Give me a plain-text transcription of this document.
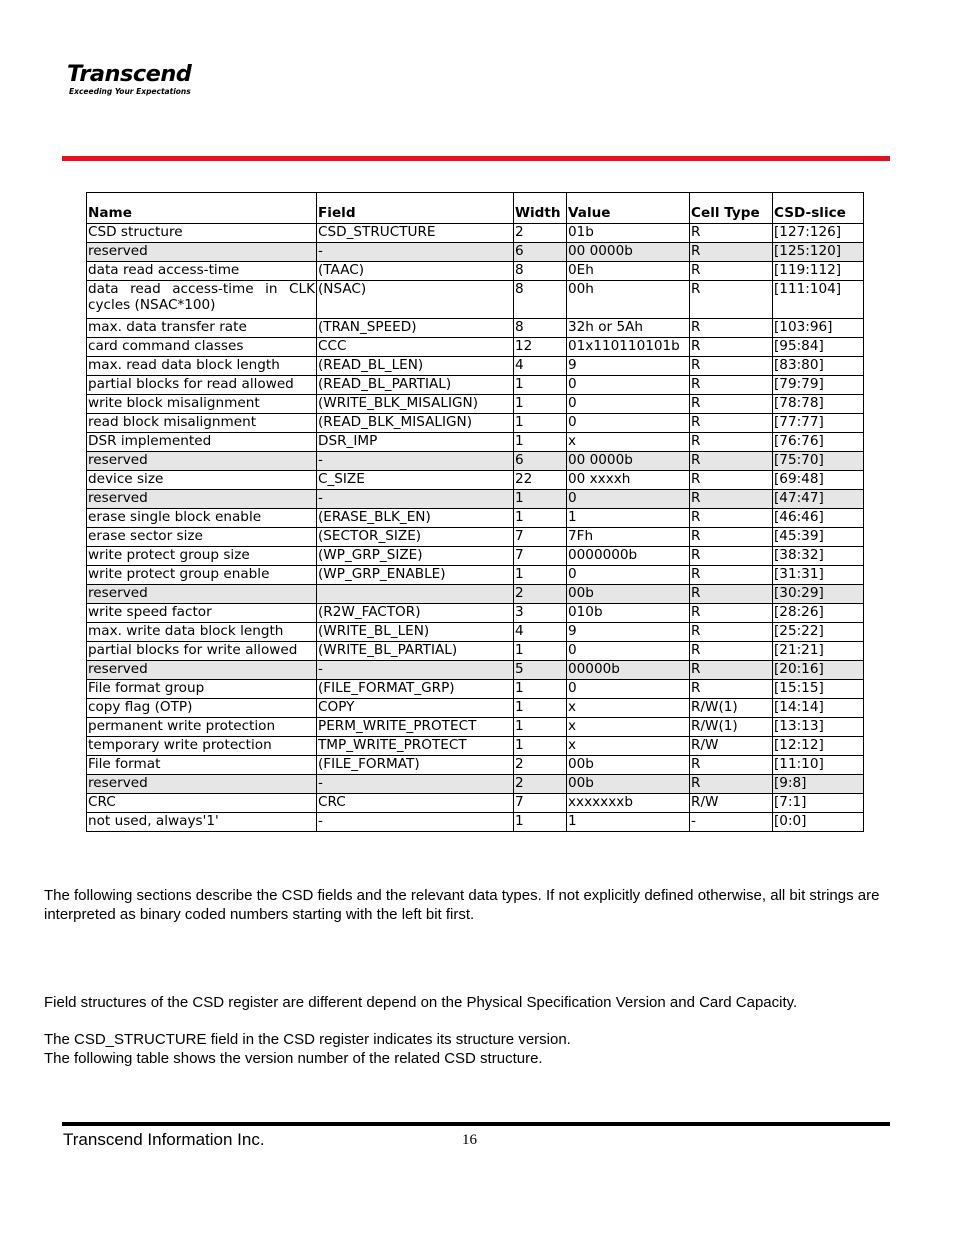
Transcend
Exceeding Your Expectations
Name	Field	Width	Value	Cell Type	CSD-slice
CSD structure	CSD_STRUCTURE	2	01b	R	[127:126]
reserved	-	6	00 0000b	R	[125:120]
data read access-time	(TAAC)	8	0Eh	R	[119:112]
data read access-time in CLK cycles (NSAC*100)	(NSAC)	8	00h	R	[111:104]
max. data transfer rate	(TRAN_SPEED)	8	32h or 5Ah	R	[103:96]
card command classes	CCC	12	01x110110101b	R	[95:84]
max. read data block length	(READ_BL_LEN)	4	9	R	[83:80]
partial blocks for read allowed	(READ_BL_PARTIAL)	1	0	R	[79:79]
write block misalignment	(WRITE_BLK_MISALIGN)	1	0	R	[78:78]
read block misalignment	(READ_BLK_MISALIGN)	1	0	R	[77:77]
DSR implemented	DSR_IMP	1	x	R	[76:76]
reserved	-	6	00 0000b	R	[75:70]
device size	C_SIZE	22	00 xxxxh	R	[69:48]
reserved	-	1	0	R	[47:47]
erase single block enable	(ERASE_BLK_EN)	1	1	R	[46:46]
erase sector size	(SECTOR_SIZE)	7	7Fh	R	[45:39]
write protect group size	(WP_GRP_SIZE)	7	0000000b	R	[38:32]
write protect group enable	(WP_GRP_ENABLE)	1	0	R	[31:31]
reserved		2	00b	R	[30:29]
write speed factor	(R2W_FACTOR)	3	010b	R	[28:26]
max. write data block length	(WRITE_BL_LEN)	4	9	R	[25:22]
partial blocks for write allowed	(WRITE_BL_PARTIAL)	1	0	R	[21:21]
reserved	-	5	00000b	R	[20:16]
File format group	(FILE_FORMAT_GRP)	1	0	R	[15:15]
copy flag (OTP)	COPY	1	x	R/W(1)	[14:14]
permanent write protection	PERM_WRITE_PROTECT	1	x	R/W(1)	[13:13]
temporary write protection	TMP_WRITE_PROTECT	1	x	R/W	[12:12]
File format	(FILE_FORMAT)	2	00b	R	[11:10]
reserved	-	2	00b	R	[9:8]
CRC	CRC	7	xxxxxxxb	R/W	[7:1]
not used, always'1'	-	1	1	-	[0:0]
The following sections describe the CSD fields and the relevant data types. If not explicitly defined otherwise, all bit strings are interpreted as binary coded numbers starting with the left bit first.
Field structures of the CSD register are different depend on the Physical Specification Version and Card Capacity.
The CSD_STRUCTURE field in the CSD register indicates its structure version.
The following table shows the version number of the related CSD structure.
Transcend Information Inc.	16
